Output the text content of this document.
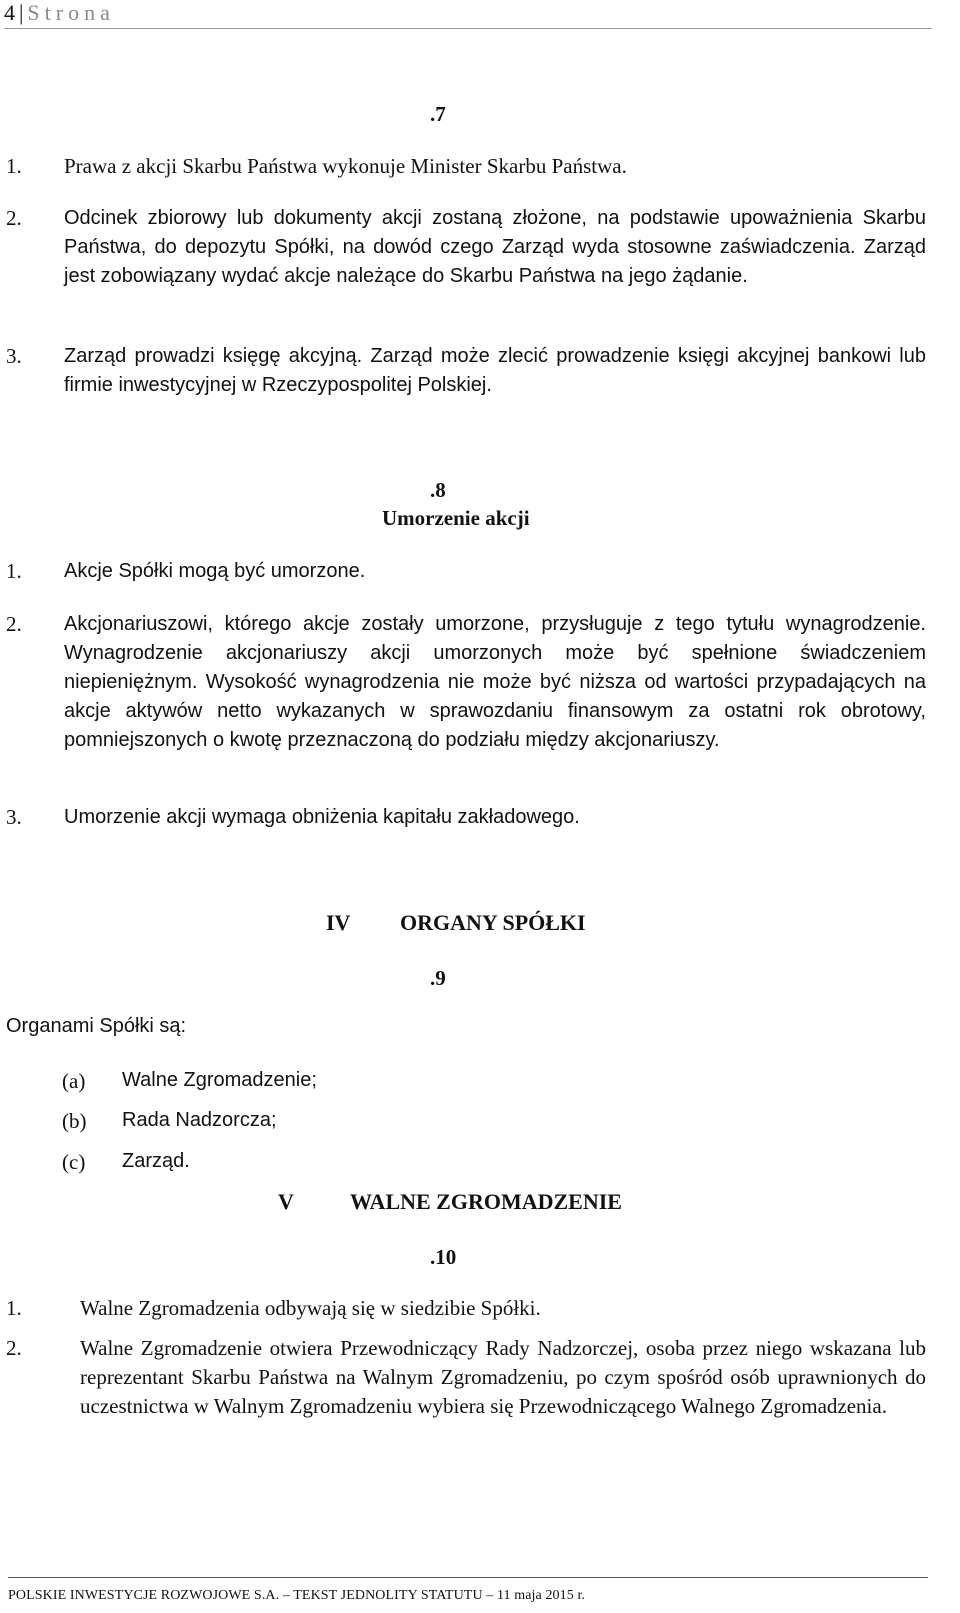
4 | Strona
.7
1. Prawa z akcji Skarbu Państwa wykonuje Minister Skarbu Państwa.
2. Odcinek zbiorowy lub dokumenty akcji zostaną złożone, na podstawie upoważnienia Skarbu Państwa, do depozytu Spółki, na dowód czego Zarząd wyda stosowne zaświadczenia. Zarząd jest zobowiązany wydać akcje należące do Skarbu Państwa na jego żądanie.
3. Zarząd prowadzi księgę akcyjną. Zarząd może zlecić prowadzenie księgi akcyjnej bankowi lub firmie inwestycyjnej w Rzeczypospolitej Polskiej.
.8
Umorzenie akcji
1. Akcje Spółki mogą być umorzone.
2. Akcjonariuszowi, którego akcje zostały umorzone, przysługuje z tego tytułu wynagrodzenie. Wynagrodzenie akcjonariuszy akcji umorzonych może być spełnione świadczeniem niepieniężnym. Wysokość wynagrodzenia nie może być niższa od wartości przypadających na akcje aktywów netto wykazanych w sprawozdaniu finansowym za ostatni rok obrotowy, pomniejszonych o kwotę przeznaczoną do podziału między akcjonariuszy.
3. Umorzenie akcji wymaga obniżenia kapitału zakładowego.
IV ORGANY SPÓŁKI
.9
Organami Spółki są:
(a) Walne Zgromadzenie;
(b) Rada Nadzorcza;
(c) Zarząd.
V	WALNE ZGROMADZENIE
.10
1.	Walne Zgromadzenia odbywają się w siedzibie Spółki.
2.	Walne Zgromadzenie otwiera Przewodniczący Rady Nadzorczej, osoba przez niego wskazana lub reprezentant Skarbu Państwa na Walnym Zgromadzeniu, po czym spośród osób uprawnionych do uczestnictwa w Walnym Zgromadzeniu wybiera się Przewodniczącego Walnego Zgromadzenia.
POLSKIE INWESTYCJE ROZWOJOWE S.A. – TEKST JEDNOLITY STATUTU – 11 maja 2015 r.
